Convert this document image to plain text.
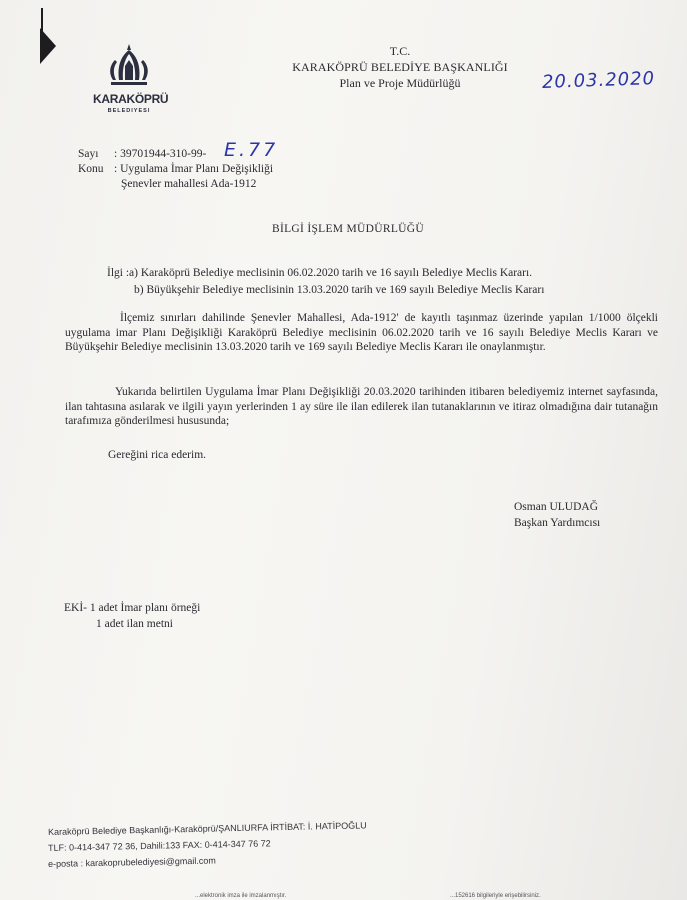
KARAKÖPRÜ
BELEDIYESI
T.C.
KARAKÖPRÜ BELEDİYE BAŞKANLIĞI
Plan ve Proje Müdürlüğü	20.03.2020
Sayı : 39701944-310-99- E.77
Konu : Uygulama İmar Planı Değişikliği
Şenevler mahallesi Ada-1912
BİLGİ İŞLEM MÜDÜRLÜĞÜ
İlgi :a) Karaköprü Belediye meclisinin 06.02.2020 tarih ve 16 sayılı Belediye Meclis Kararı.
b) Büyükşehir Belediye meclisinin 13.03.2020 tarih ve 169 sayılı Belediye Meclis Kararı
İlçemiz sınırları dahilinde Şenevler Mahallesi, Ada-1912' de kayıtlı taşınmaz üzerinde yapılan 1/1000 ölçekli uygulama imar Planı Değişikliği Karaköprü Belediye meclisinin 06.02.2020 tarih ve 16 sayılı Belediye Meclis Kararı ve Büyükşehir Belediye meclisinin 13.03.2020 tarih ve 169 sayılı Belediye Meclis Kararı ile onaylanmıştır.
Yukarıda belirtilen Uygulama İmar Planı Değişikliği 20.03.2020 tarihinden itibaren belediyemiz internet sayfasında, ilan tahtasına asılarak ve ilgili yayın yerlerinden 1 ay süre ile ilan edilerek ilan tutanaklarının ve itiraz olmadığına dair tutanağın tarafımıza gönderilmesi hususunda;
Gereğini rica ederim.
Osman ULUDAĞ
Başkan Yardımcısı
EKİ- 1 adet İmar planı örneği
1 adet ilan metni
Karaköprü Belediye Başkanlığı-Karaköprü/ŞANLIURFA İRTİBAT: İ. HATİPOĞLU
TLF: 0-414-347 72 36, Dahili:133 FAX: 0-414-347 76 72
e-posta : karakoprubelediyesi@gmail.com
...elektronik imza ile imzalanmıştır.	...152616 bilgileriyle erişebilirsiniz.
